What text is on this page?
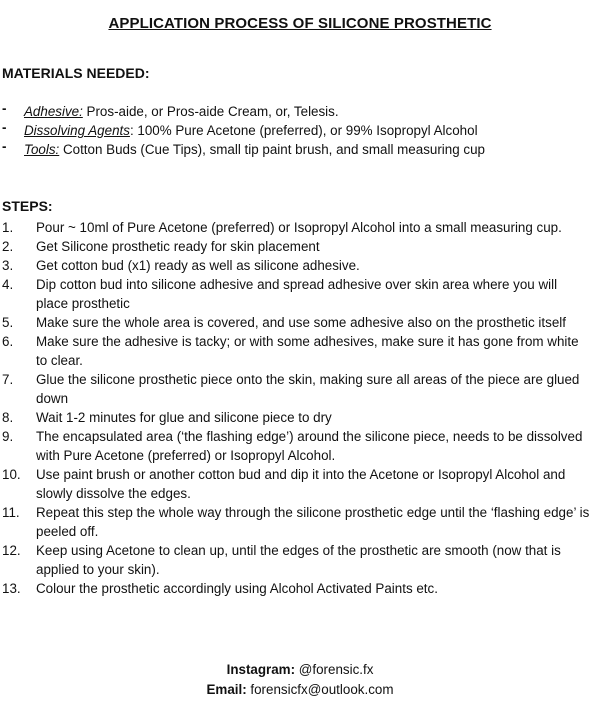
APPLICATION PROCESS OF SILICONE PROSTHETIC
MATERIALS NEEDED:
- Adhesive: Pros-aide, or Pros-aide Cream, or, Telesis.
- Dissolving Agents: 100% Pure Acetone (preferred), or 99% Isopropyl Alcohol
- Tools: Cotton Buds (Cue Tips), small tip paint brush, and small measuring cup
STEPS:
1. Pour ~ 10ml of Pure Acetone (preferred) or Isopropyl Alcohol into a small measuring cup.
2. Get Silicone prosthetic ready for skin placement
3. Get cotton bud (x1) ready as well as silicone adhesive.
4. Dip cotton bud into silicone adhesive and spread adhesive over skin area where you will place prosthetic
5. Make sure the whole area is covered, and use some adhesive also on the prosthetic itself
6. Make sure the adhesive is tacky; or with some adhesives, make sure it has gone from white to clear.
7. Glue the silicone prosthetic piece onto the skin, making sure all areas of the piece are glued down
8. Wait 1-2 minutes for glue and silicone piece to dry
9. The encapsulated area (‘the flashing edge’) around the silicone piece, needs to be dissolved with Pure Acetone (preferred) or Isopropyl Alcohol.
10. Use paint brush or another cotton bud and dip it into the Acetone or Isopropyl Alcohol and slowly dissolve the edges.
11. Repeat this step the whole way through the silicone prosthetic edge until the ‘flashing edge’ is peeled off.
12. Keep using Acetone to clean up, until the edges of the prosthetic are smooth (now that is applied to your skin).
13. Colour the prosthetic accordingly using Alcohol Activated Paints etc.
Instagram: @forensic.fx
Email: forensicfx@outlook.com
